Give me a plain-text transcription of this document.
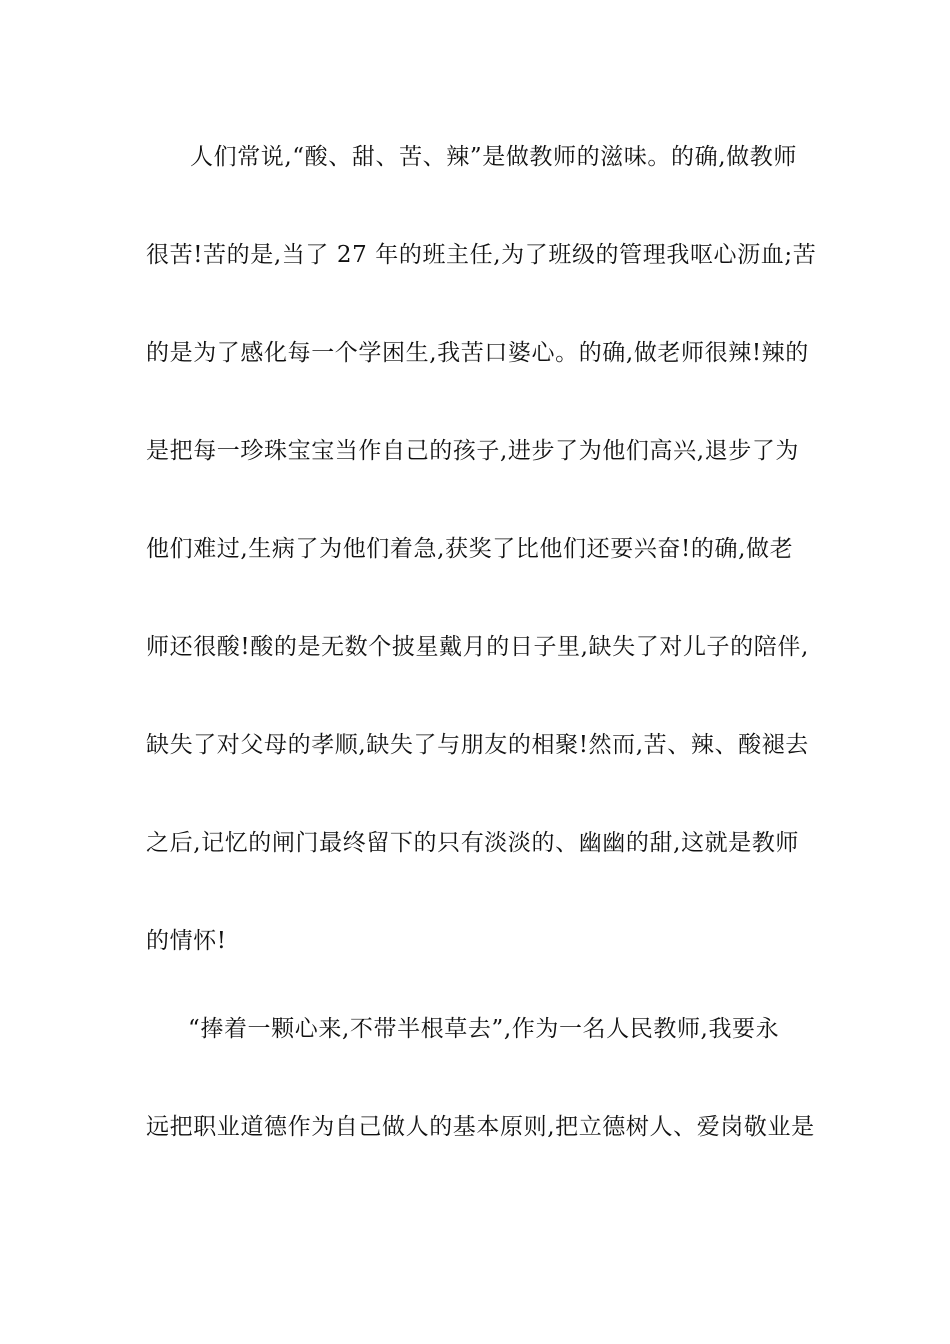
人们常说,“酸、甜、苦、辣”是做教师的滋味。的确,做教师
很苦!苦的是,当了 27 年的班主任,为了班级的管理我呕心沥血;苦
的是为了感化每一个学困生,我苦口婆心。的确,做老师很辣!辣的
是把每一珍珠宝宝当作自己的孩子,进步了为他们高兴,退步了为
他们难过,生病了为他们着急,获奖了比他们还要兴奋!的确,做老
师还很酸!酸的是无数个披星戴月的日子里,缺失了对儿子的陪伴,
缺失了对父母的孝顺,缺失了与朋友的相聚!然而,苦、辣、酸褪去
之后,记忆的闸门最终留下的只有淡淡的、幽幽的甜,这就是教师
的情怀!
“捧着一颗心来,不带半根草去”,作为一名人民教师,我要永
远把职业道德作为自己做人的基本原则,把立德树人、爱岗敬业是
